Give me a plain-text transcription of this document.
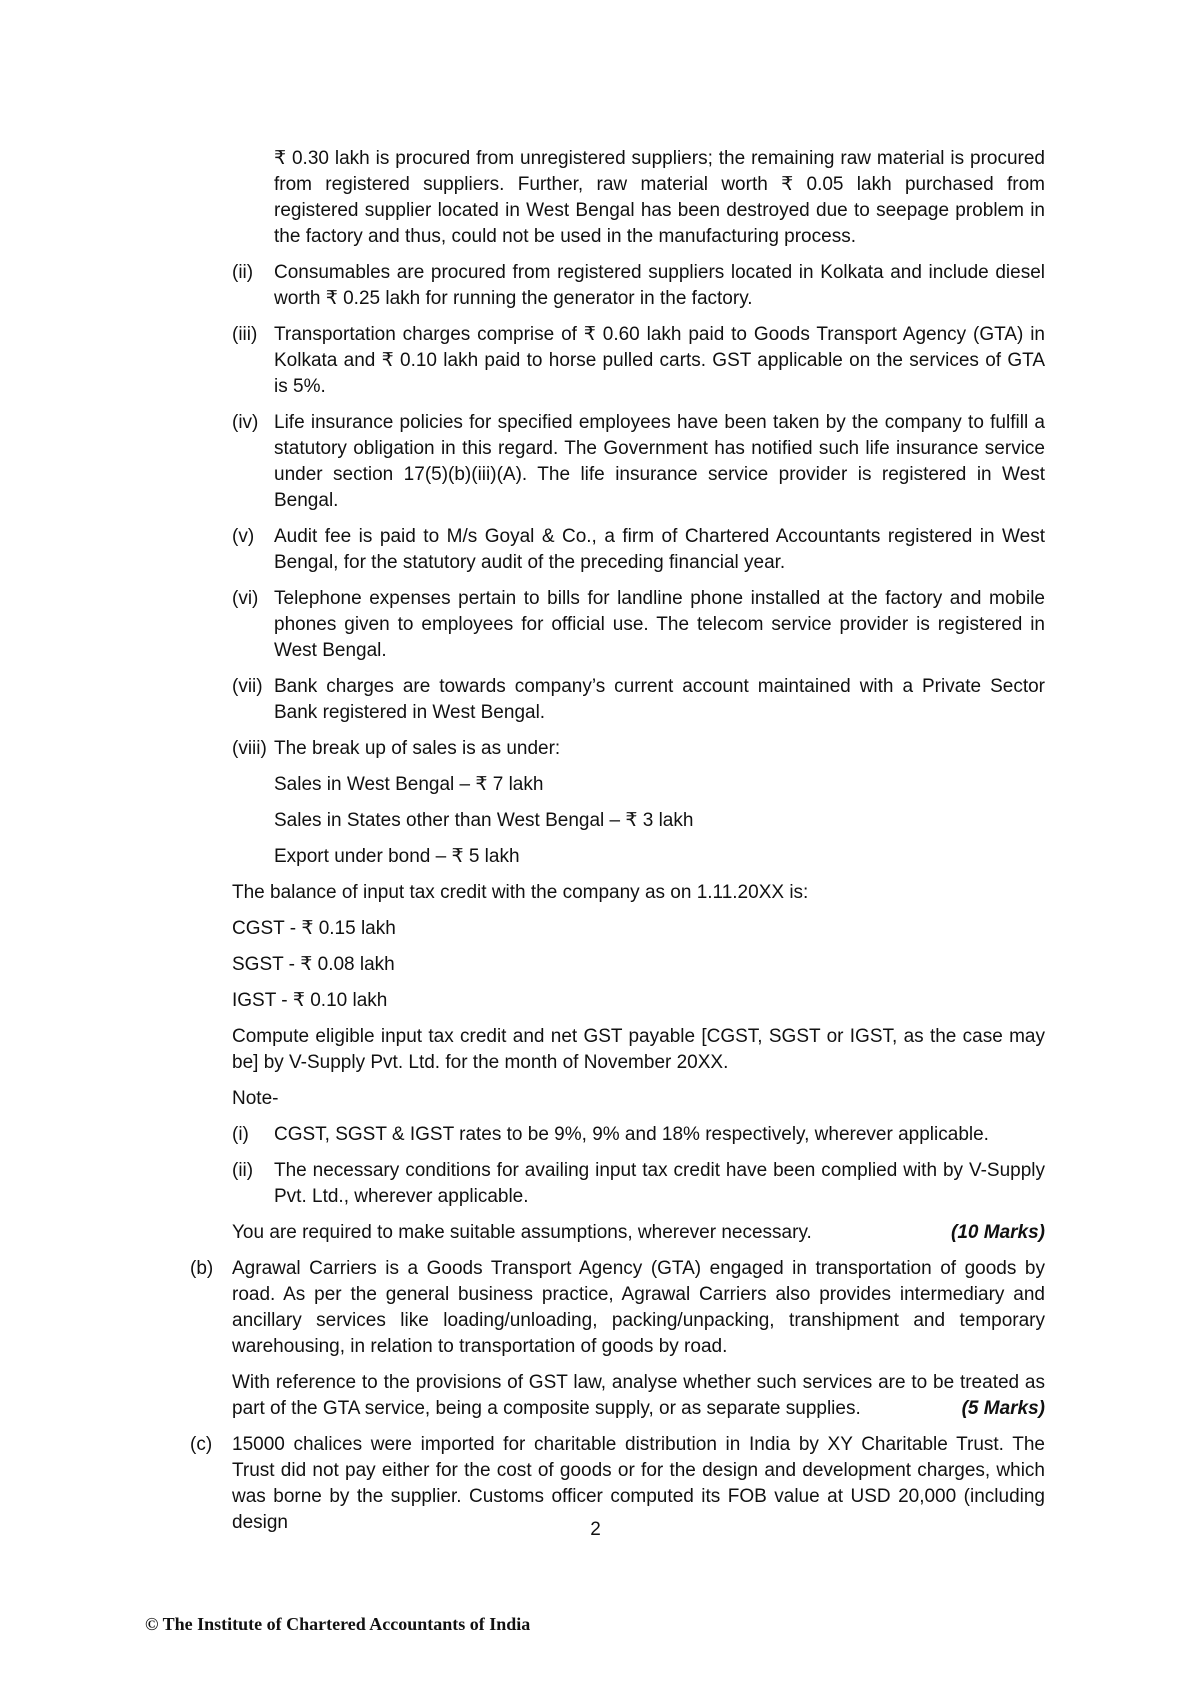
₹ 0.30 lakh is procured from unregistered suppliers; the remaining raw material is procured from registered suppliers. Further, raw material worth ₹ 0.05 lakh purchased from registered supplier located in West Bengal has been destroyed due to seepage problem in the factory and thus, could not be used in the manufacturing process.

(ii) Consumables are procured from registered suppliers located in Kolkata and include diesel worth ₹ 0.25 lakh for running the generator in the factory.
(iii) Transportation charges comprise of ₹ 0.60 lakh paid to Goods Transport Agency (GTA) in Kolkata and ₹ 0.10 lakh paid to horse pulled carts. GST applicable on the services of GTA is 5%.
(iv) Life insurance policies for specified employees have been taken by the company to fulfill a statutory obligation in this regard. The Government has notified such life insurance service under section 17(5)(b)(iii)(A). The life insurance service provider is registered in West Bengal.
(v) Audit fee is paid to M/s Goyal & Co., a firm of Chartered Accountants registered in West Bengal, for the statutory audit of the preceding financial year.
(vi) Telephone expenses pertain to bills for landline phone installed at the factory and mobile phones given to employees for official use. The telecom service provider is registered in West Bengal.
(vii) Bank charges are towards company’s current account maintained with a Private Sector Bank registered in West Bengal.
(viii) The break up of sales is as under:

Sales in West Bengal – ₹ 7 lakh

Sales in States other than West Bengal – ₹ 3 lakh

Export under bond – ₹ 5 lakh

The balance of input tax credit with the company as on 1.11.20XX is:

CGST - ₹ 0.15 lakh

SGST - ₹ 0.08 lakh

IGST - ₹ 0.10 lakh

Compute eligible input tax credit and net GST payable [CGST, SGST or IGST, as the case may be] by V-Supply Pvt. Ltd. for the month of November 20XX.

Note-

(i) CGST, SGST & IGST rates to be 9%, 9% and 18% respectively, wherever applicable.
(ii) The necessary conditions for availing input tax credit have been complied with by V-Supply Pvt. Ltd., wherever applicable.

You are required to make suitable assumptions, wherever necessary.	(10 Marks)

(b) Agrawal Carriers is a Goods Transport Agency (GTA) engaged in transportation of goods by road. As per the general business practice, Agrawal Carriers also provides intermediary and ancillary services like loading/unloading, packing/unpacking, transhipment and temporary warehousing, in relation to transportation of goods by road.

With reference to the provisions of GST law, analyse whether such services are to be treated as part of the GTA service, being a composite supply, or as separate supplies.	(5 Marks)

(c) 15000 chalices were imported for charitable distribution in India by XY Charitable Trust. The Trust did not pay either for the cost of goods or for the design and development charges, which was borne by the supplier. Customs officer computed its FOB value at USD 20,000 (including design	2
© The Institute of Chartered Accountants of India
